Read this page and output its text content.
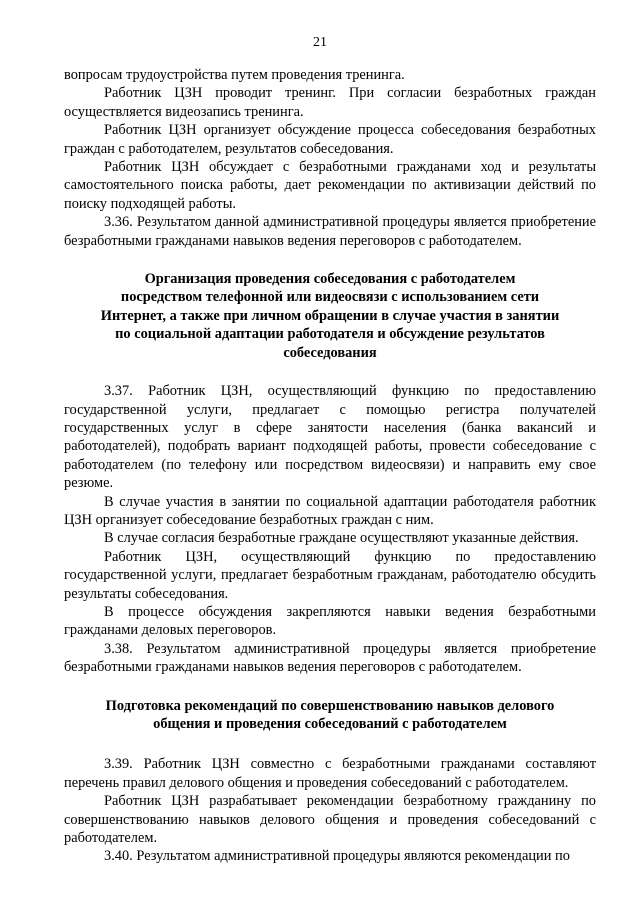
21

вопросам трудоустройства путем проведения тренинга.

Работник ЦЗН проводит тренинг. При согласии безработных граждан осуществляется видеозапись тренинга.

Работник ЦЗН организует обсуждение процесса собеседования безработных граждан с работодателем, результатов собеседования.

Работник ЦЗН обсуждает с безработными гражданами ход и результаты самостоятельного поиска работы, дает рекомендации по активизации действий по поиску подходящей работы.

3.36. Результатом данной административной процедуры является приобретение безработными гражданами навыков ведения переговоров с работодателем.

Организация проведения собеседования с работодателем
посредством телефонной или видеосвязи с использованием сети
Интернет, а также при личном обращении в случае участия в занятии
по социальной адаптации работодателя и обсуждение результатов
собеседования

3.37. Работник ЦЗН, осуществляющий функцию по предоставлению государственной услуги, предлагает с помощью регистра получателей государственных услуг в сфере занятости населения (банка вакансий и работодателей), подобрать вариант подходящей работы, провести собеседование с работодателем (по телефону или посредством видеосвязи) и направить ему свое резюме.

В случае участия в занятии по социальной адаптации работодателя работник ЦЗН организует собеседование безработных граждан с ним.

В случае согласия безработные граждане осуществляют указанные действия.

Работник ЦЗН, осуществляющий функцию по предоставлению государственной услуги, предлагает безработным гражданам, работодателю обсудить результаты собеседования.

В процессе обсуждения закрепляются навыки ведения безработными гражданами деловых переговоров.

3.38. Результатом административной процедуры является приобретение безработными гражданами навыков ведения переговоров с работодателем.

Подготовка рекомендаций по совершенствованию навыков делового
общения и проведения собеседований с работодателем

3.39. Работник ЦЗН совместно с безработными гражданами составляют перечень правил делового общения и проведения собеседований с работодателем.

Работник ЦЗН разрабатывает рекомендации безработному гражданину по совершенствованию навыков делового общения и проведения собеседований с работодателем.

3.40. Результатом административной процедуры являются рекомендации по
